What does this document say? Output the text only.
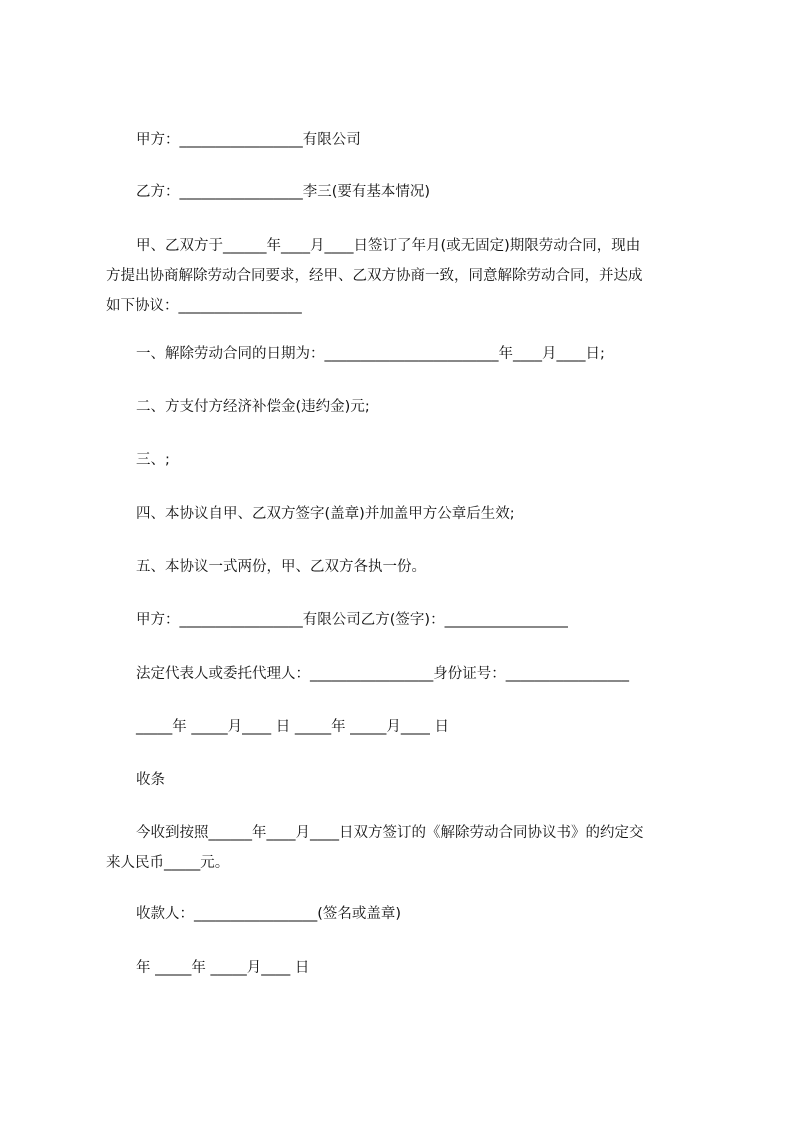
甲方：_________________有限公司
乙方：_________________李三(要有基本情况)
甲、乙双方于______年____月____日签订了年月(或无固定)期限劳动合同，现由
方提出协商解除劳动合同要求，经甲、乙双方协商一致，同意解除劳动合同，并达成
如下协议：_________________
一、解除劳动合同的日期为：________________________年____月____日;
二、方支付方经济补偿金(违约金)元;
三、;
四、本协议自甲、乙双方签字(盖章)并加盖甲方公章后生效;
五、本协议一式两份，甲、乙双方各执一份。
甲方：_________________有限公司乙方(签字)：_________________
法定代表人或委托代理人：_________________身份证号：_________________
_____年 _____月____ 日 _____年 _____月____ 日
收条
今收到按照______年____月____日双方签订的《解除劳动合同协议书》的约定交
来人民币_____元。
收款人：_________________(签名或盖章)
年 _____年 _____月____ 日
